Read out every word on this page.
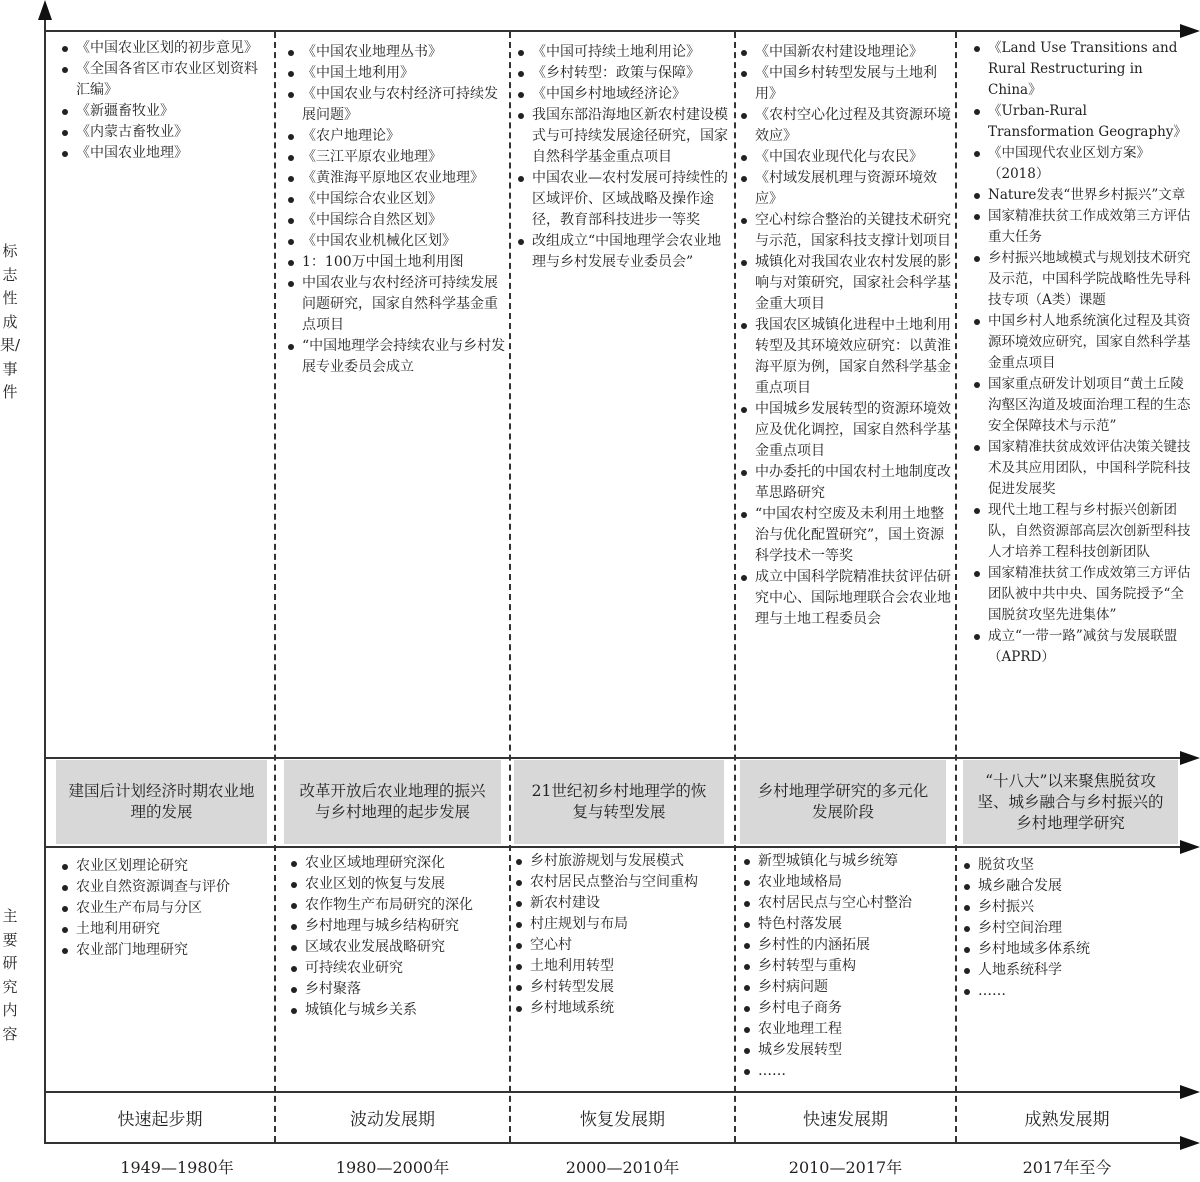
标志性成果/事件
主要研究内容
《中国农业区划的初步意见》
《全国各省区市农业区划资料汇编》
《新疆畜牧业》
《内蒙古畜牧业》
《中国农业地理》
《中国农业地理丛书》
《中国土地利用》
《中国农业与农村经济可持续发展问题》
《农户地理论》
《三江平原农业地理》
《黄淮海平原地区农业地理》
《中国综合农业区划》
《中国综合自然区划》
《中国农业机械化区划》
1：100万中国土地利用图
中国农业与农村经济可持续发展问题研究，国家自然科学基金重点项目
“中国地理学会持续农业与乡村发展专业委员会成立
《中国可持续土地利用论》
《乡村转型：政策与保障》
《中国乡村地域经济论》
我国东部沿海地区新农村建设模式与可持续发展途径研究，国家自然科学基金重点项目
中国农业—农村发展可持续性的区域评价、区域战略及操作途径，教育部科技进步一等奖
改组成立“中国地理学会农业地理与乡村发展专业委员会”
《中国新农村建设地理论》
《中国乡村转型发展与土地利用》
《农村空心化过程及其资源环境效应》
《中国农业现代化与农民》
《村域发展机理与资源环境效应》
空心村综合整治的关键技术研究与示范，国家科技支撑计划项目
城镇化对我国农业农村发展的影响与对策研究，国家社会科学基金重大项目
我国农区城镇化进程中土地利用转型及其环境效应研究：以黄淮海平原为例，国家自然科学基金重点项目
中国城乡发展转型的资源环境效应及优化调控，国家自然科学基金重点项目
中办委托的中国农村土地制度改革思路研究
“中国农村空废及未利用土地整治与优化配置研究”，国土资源科学技术一等奖
成立中国科学院精准扶贫评估研究中心、国际地理联合会农业地理与土地工程委员会
《Land Use Transitions and Rural Restructuring in China》
《Urban-Rural Transformation Geography》
《中国现代农业区划方案》（2018）
Nature发表“世界乡村振兴”文章
国家精准扶贫工作成效第三方评估重大任务
乡村振兴地域模式与规划技术研究及示范，中国科学院战略性先导科技专项（A类）课题
中国乡村人地系统演化过程及其资源环境效应研究，国家自然科学基金重点项目
国家重点研发计划项目“黄土丘陵沟壑区沟道及坡面治理工程的生态安全保障技术与示范”
国家精准扶贫成效评估决策关键技术及其应用团队，中国科学院科技促进发展奖
现代土地工程与乡村振兴创新团队，自然资源部高层次创新型科技人才培养工程科技创新团队
国家精准扶贫工作成效第三方评估团队被中共中央、国务院授予“全国脱贫攻坚先进集体”
成立“一带一路”减贫与发展联盟（APRD）
建国后计划经济时期农业地理的发展
改革开放后农业地理的振兴与乡村地理的起步发展
21世纪初乡村地理学的恢复与转型发展
乡村地理学研究的多元化发展阶段
“十八大”以来聚焦脱贫攻坚、城乡融合与乡村振兴的乡村地理学研究
农业区划理论研究
农业自然资源调查与评价
农业生产布局与分区
土地利用研究
农业部门地理研究
农业区域地理研究深化
农业区划的恢复与发展
农作物生产布局研究的深化
乡村地理与城乡结构研究
区域农业发展战略研究
可持续农业研究
乡村聚落
城镇化与城乡关系
乡村旅游规划与发展模式
农村居民点整治与空间重构
新农村建设
村庄规划与布局
空心村
土地利用转型
乡村转型发展
乡村地域系统
新型城镇化与城乡统筹
农业地域格局
农村居民点与空心村整治
特色村落发展
乡村性的内涵拓展
乡村转型与重构
乡村病问题
乡村电子商务
农业地理工程
城乡发展转型
……
脱贫攻坚
城乡融合发展
乡村振兴
乡村空间治理
乡村地域多体系统
人地系统科学
……
快速起步期	波动发展期	恢复发展期	快速发展期	成熟发展期
1949—1980年	1980—2000年	2000—2010年	2010—2017年	2017年至今
